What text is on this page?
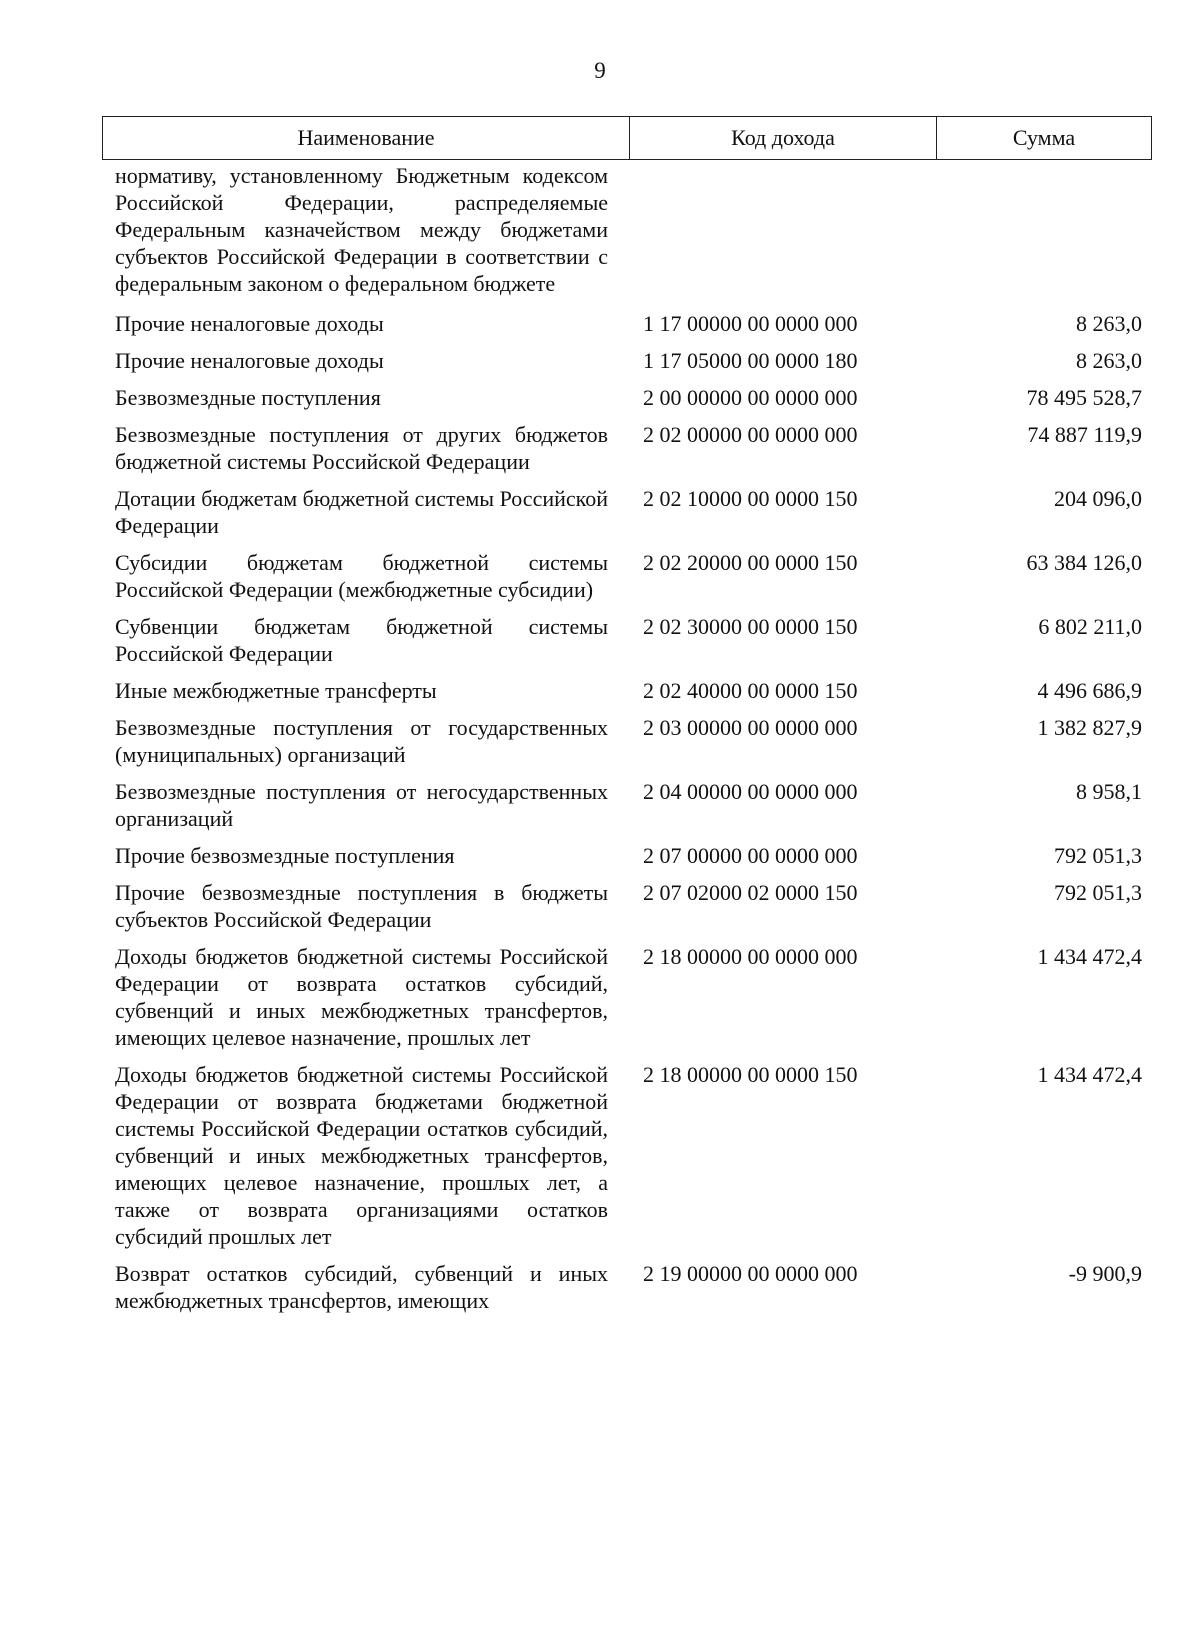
9
Наименование	Код дохода	Сумма
нормативу, установленному Бюджетным кодексом Российской Федерации, распределяемые Федеральным казначейством между бюджетами субъектов Российской Федерации в соответствии с федеральным законом о федеральном бюджете
Прочие неналоговые доходы	1 17 00000 00 0000 000	8 263,0
Прочие неналоговые доходы	1 17 05000 00 0000 180	8 263,0
Безвозмездные поступления	2 00 00000 00 0000 000	78 495 528,7
Безвозмездные поступления от других бюджетов бюджетной системы Российской Федерации
2 02 00000 00 0000 000	74 887 119,9
Дотации бюджетам бюджетной системы Российской Федерации
2 02 10000 00 0000 150	204 096,0
Субсидии бюджетам бюджетной системы Российской Федерации (межбюджетные субсидии)
2 02 20000 00 0000 150	63 384 126,0
Субвенции бюджетам бюджетной системы Российской Федерации
2 02 30000 00 0000 150	6 802 211,0
Иные межбюджетные трансферты	2 02 40000 00 0000 150	4 496 686,9
Безвозмездные поступления от государственных (муниципальных) организаций
2 03 00000 00 0000 000	1 382 827,9
Безвозмездные поступления от негосударственных организаций
2 04 00000 00 0000 000	8 958,1
Прочие безвозмездные поступления	2 07 00000 00 0000 000	792 051,3
Прочие безвозмездные поступления в бюджеты субъектов Российской Федерации
2 07 02000 02 0000 150	792 051,3
Доходы бюджетов бюджетной системы Российской Федерации от возврата остатков субсидий, субвенций и иных межбюджетных трансфертов, имеющих целевое назначение, прошлых лет
2 18 00000 00 0000 000	1 434 472,4
Доходы бюджетов бюджетной системы Российской Федерации от возврата бюджетами бюджетной системы Российской Федерации остатков субсидий, субвенций и иных межбюджетных трансфертов, имеющих целевое назначение, прошлых лет, а также от возврата организациями остатков субсидий прошлых лет
2 18 00000 00 0000 150	1 434 472,4
Возврат остатков субсидий, субвенций и иных межбюджетных трансфертов, имеющих
2 19 00000 00 0000 000	-9 900,9
